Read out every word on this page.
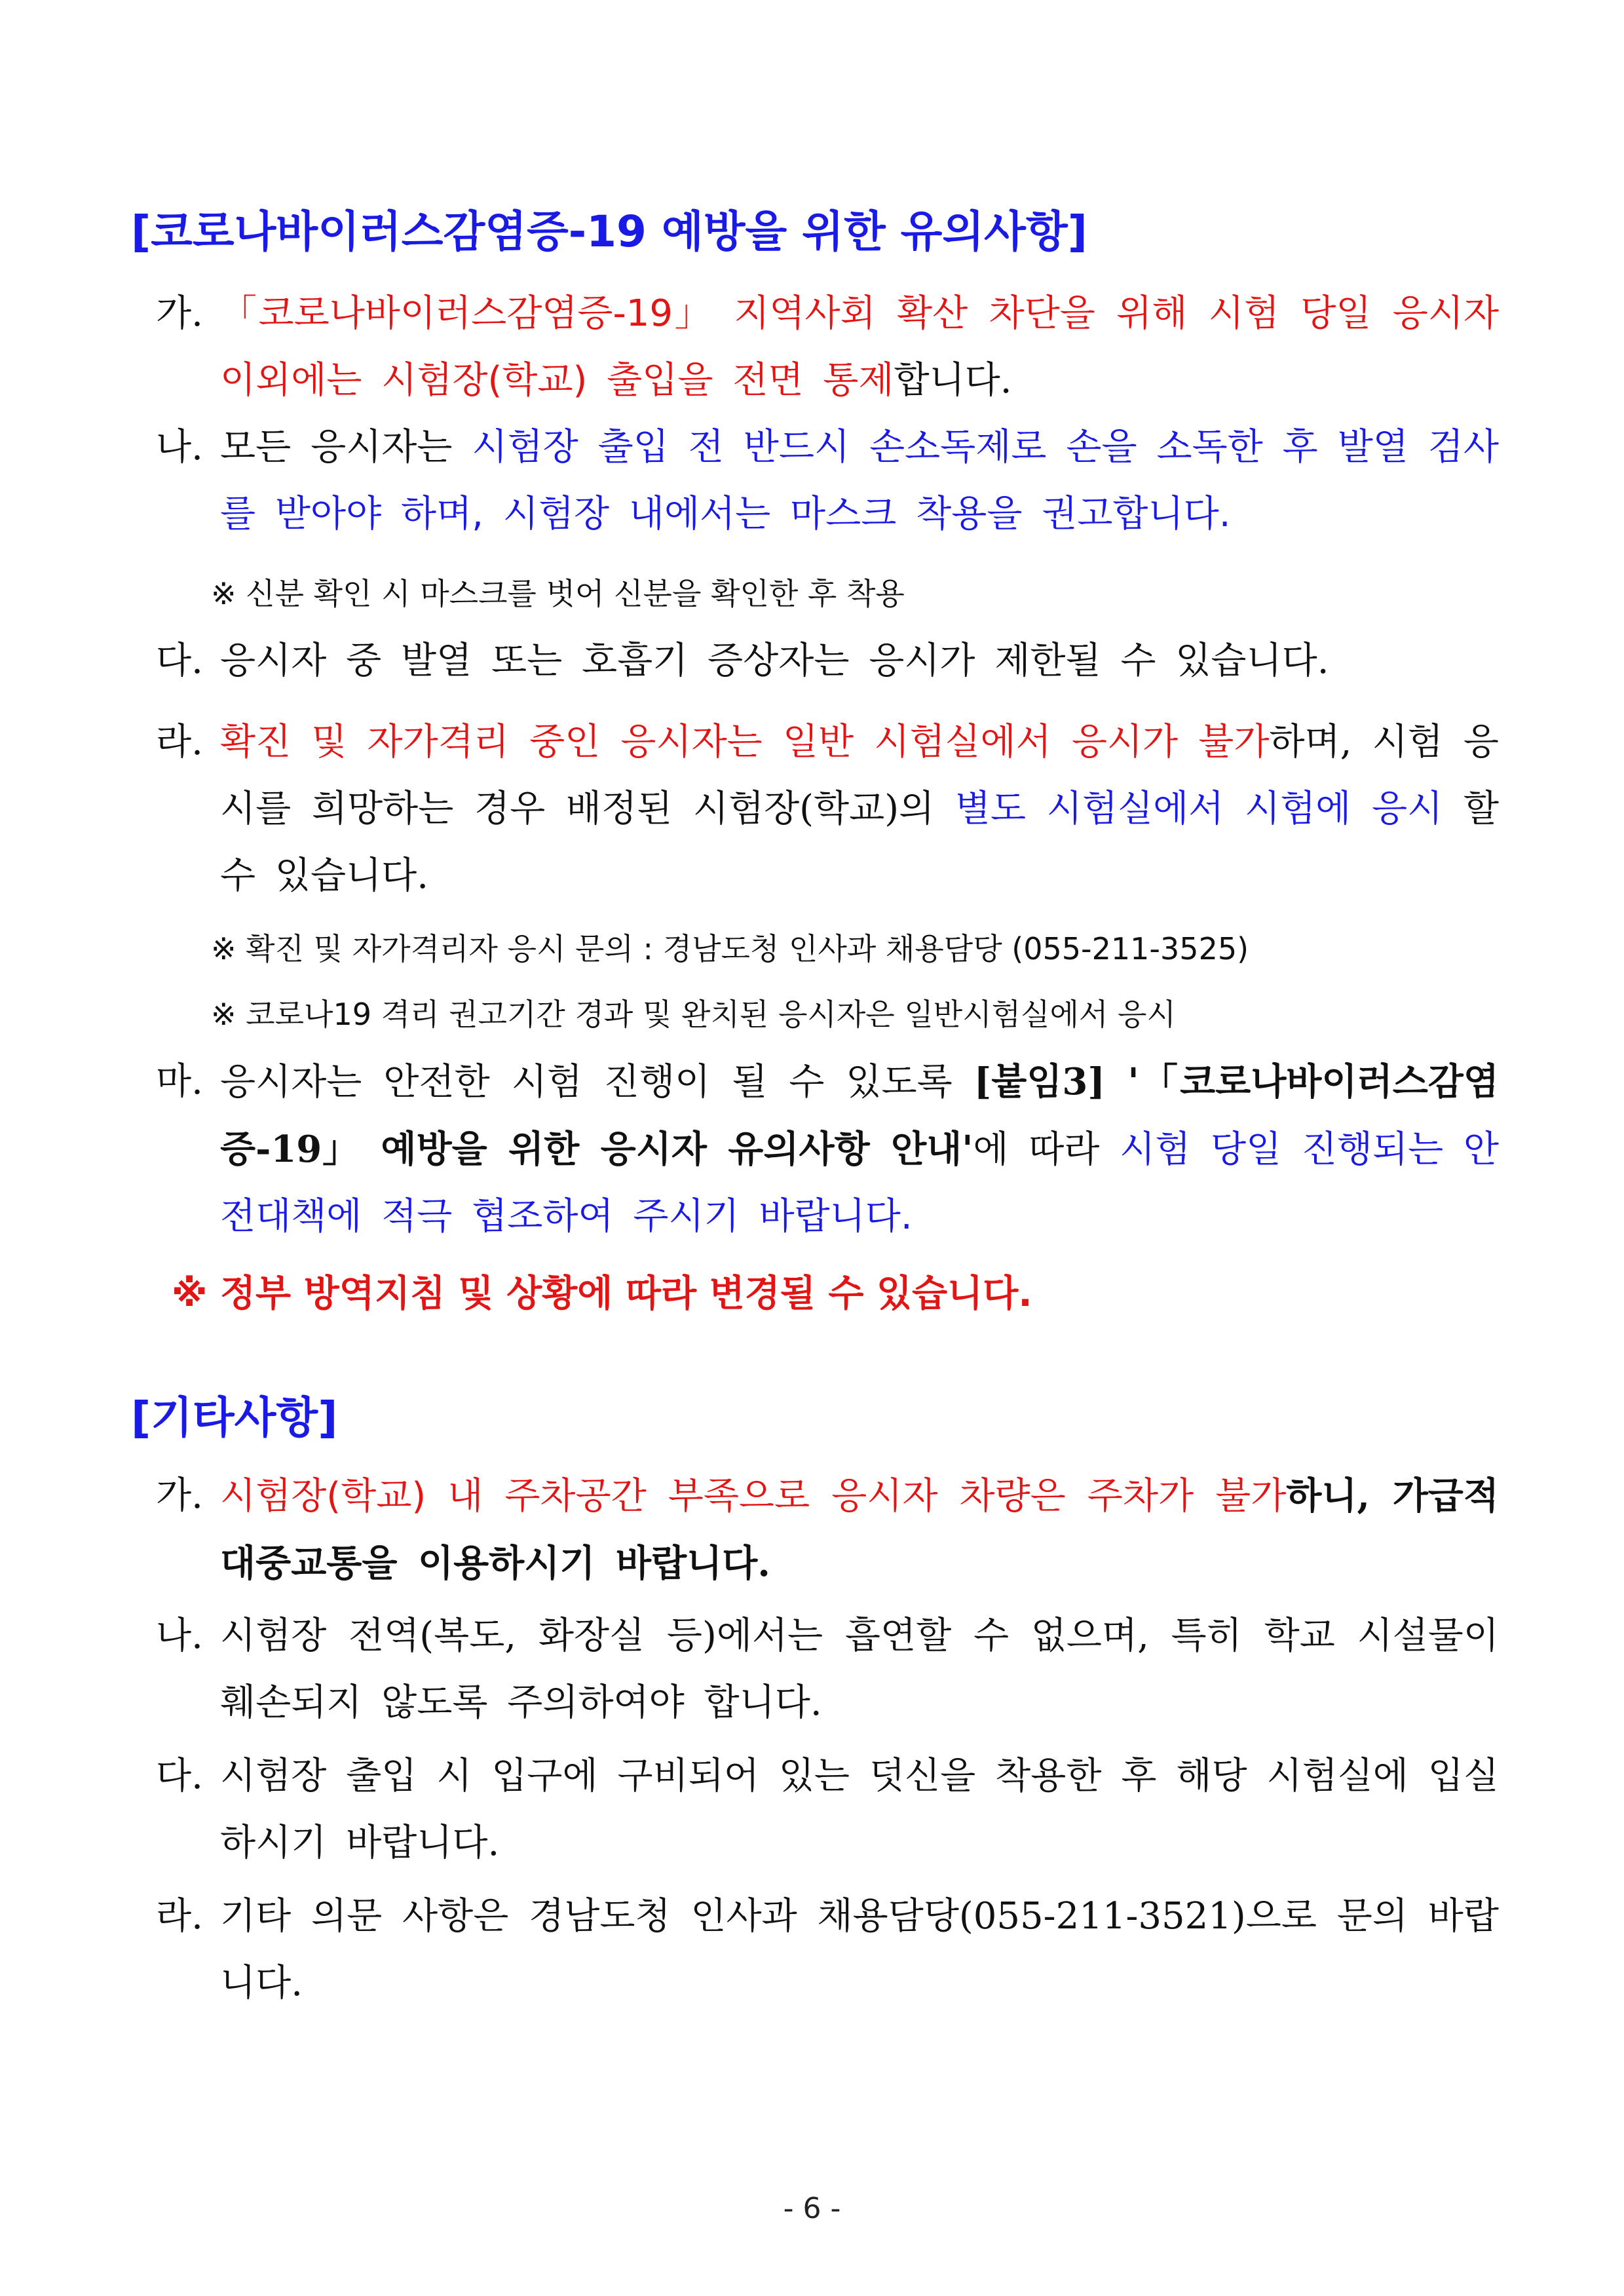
[코로나바이러스감염증-19 예방을 위한 유의사항]
가. 「코로나바이러스감염증-19」 지역사회 확산 차단을 위해 시험 당일 응시자 이외에는 시험장(학교) 출입을 전면 통제합니다.
나. 모든 응시자는 시험장 출입 전 반드시 손소독제로 손을 소독한 후 발열 검사를 받아야 하며, 시험장 내에서는 마스크 착용을 권고합니다.
※ 신분 확인 시 마스크를 벗어 신분을 확인한 후 착용
다. 응시자 중 발열 또는 호흡기 증상자는 응시가 제한될 수 있습니다.
라. 확진 및 자가격리 중인 응시자는 일반 시험실에서 응시가 불가하며, 시험 응시를 희망하는 경우 배정된 시험장(학교)의 별도 시험실에서 시험에 응시 할 수 있습니다.
※ 확진 및 자가격리자 응시 문의 : 경남도청 인사과 채용담당 (055-211-3525)
※ 코로나19 격리 권고기간 경과 및 완치된 응시자은 일반시험실에서 응시
마. 응시자는 안전한 시험 진행이 될 수 있도록 [붙임3] '「코로나바이러스감염증-19」 예방을 위한 응시자 유의사항 안내'에 따라 시험 당일 진행되는 안전대책에 적극 협조하여 주시기 바랍니다.
※ 정부 방역지침 및 상황에 따라 변경될 수 있습니다.
[기타사항]
가. 시험장(학교) 내 주차공간 부족으로 응시자 차량은 주차가 불가하니, 가급적 대중교통을 이용하시기 바랍니다.
나. 시험장 전역(복도, 화장실 등)에서는 흡연할 수 없으며, 특히 학교 시설물이 훼손되지 않도록 주의하여야 합니다.
다. 시험장 출입 시 입구에 구비되어 있는 덧신을 착용한 후 해당 시험실에 입실하시기 바랍니다.
라. 기타 의문 사항은 경남도청 인사과 채용담당(055-211-3521)으로 문의 바랍니다.
- 6 -
